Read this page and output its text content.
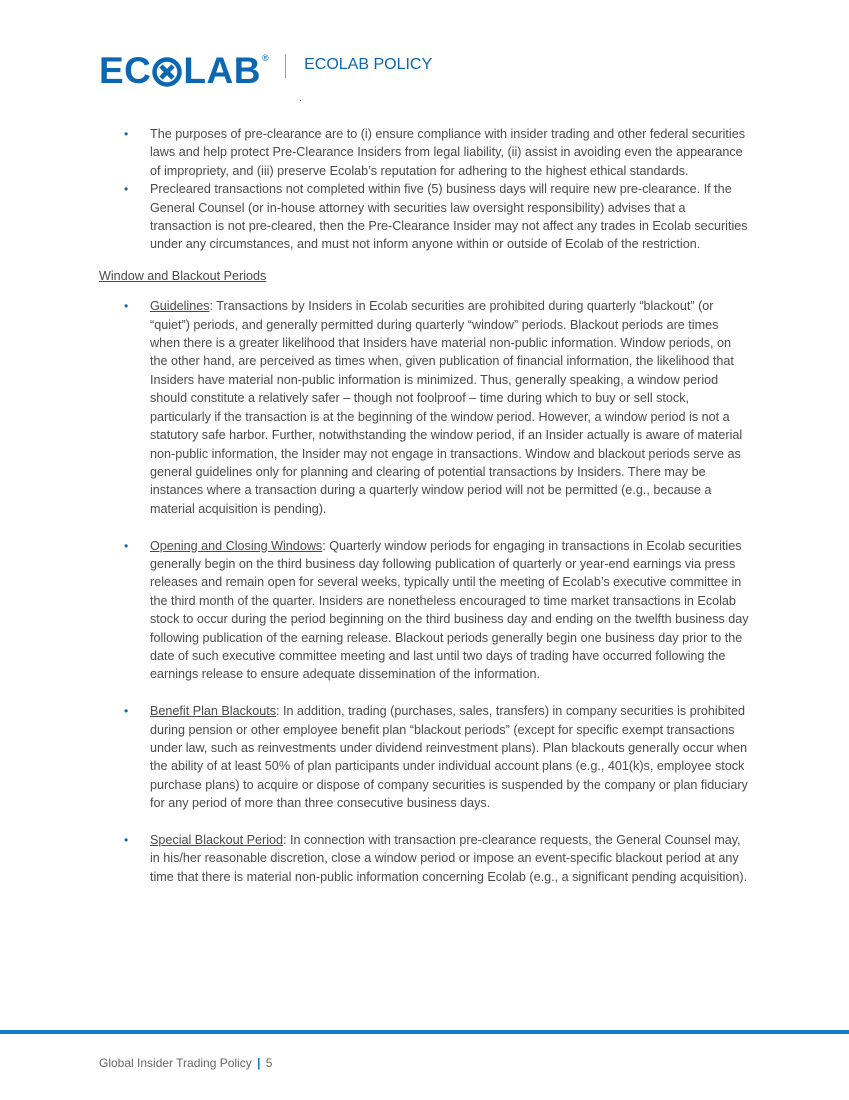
EC LAB ® ECOLAB POLICY
• The purposes of pre-clearance are to (i) ensure compliance with insider trading and other federal securities laws and help protect Pre-Clearance Insiders from legal liability, (ii) assist in avoiding even the appearance of impropriety, and (iii) preserve Ecolab’s reputation for adhering to the highest ethical standards.
• Precleared transactions not completed within five (5) business days will require new pre-clearance. If the General Counsel (or in-house attorney with securities law oversight responsibility) advises that a transaction is not pre-cleared, then the Pre-Clearance Insider may not affect any trades in Ecolab securities under any circumstances, and must not inform anyone within or outside of Ecolab of the restriction.
Window and Blackout Periods
• Guidelines: Transactions by Insiders in Ecolab securities are prohibited during quarterly “blackout” (or “quiet”) periods, and generally permitted during quarterly “window” periods. Blackout periods are times when there is a greater likelihood that Insiders have material non-public information. Window periods, on the other hand, are perceived as times when, given publication of financial information, the likelihood that Insiders have material non-public information is minimized. Thus, generally speaking, a window period should constitute a relatively safer – though not foolproof – time during which to buy or sell stock, particularly if the transaction is at the beginning of the window period. However, a window period is not a statutory safe harbor. Further, notwithstanding the window period, if an Insider actually is aware of material non-public information, the Insider may not engage in transactions. Window and blackout periods serve as general guidelines only for planning and clearing of potential transactions by Insiders. There may be instances where a transaction during a quarterly window period will not be permitted (e.g., because a material acquisition is pending).
• Opening and Closing Windows: Quarterly window periods for engaging in transactions in Ecolab securities generally begin on the third business day following publication of quarterly or year-end earnings via press releases and remain open for several weeks, typically until the meeting of Ecolab’s executive committee in the third month of the quarter. Insiders are nonetheless encouraged to time market transactions in Ecolab stock to occur during the period beginning on the third business day and ending on the twelfth business day following publication of the earning release. Blackout periods generally begin one business day prior to the date of such executive committee meeting and last until two days of trading have occurred following the earnings release to ensure adequate dissemination of the information.
• Benefit Plan Blackouts: In addition, trading (purchases, sales, transfers) in company securities is prohibited during pension or other employee benefit plan “blackout periods” (except for specific exempt transactions under law, such as reinvestments under dividend reinvestment plans). Plan blackouts generally occur when the ability of at least 50% of plan participants under individual account plans (e.g., 401(k)s, employee stock purchase plans) to acquire or dispose of company securities is suspended by the company or plan fiduciary for any period of more than three consecutive business days.
• Special Blackout Period: In connection with transaction pre-clearance requests, the General Counsel may, in his/her reasonable discretion, close a window period or impose an event-specific blackout period at any time that there is material non-public information concerning Ecolab (e.g., a significant pending acquisition).
Global Insider Trading Policy | 5
